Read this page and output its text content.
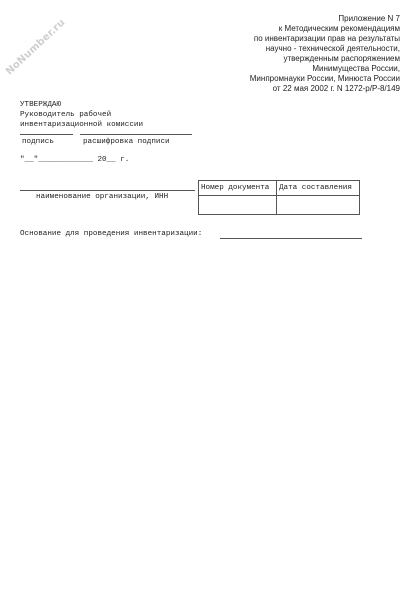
NoNumber.ru	Приложение N 7
к Методическим рекомендациям
по инвентаризации прав на результаты
научно - технической деятельности,
утвержденным распоряжением
Минимущества России,
Минпромнауки России, Минюста России
от 22 мая 2002 г. N 1272-р/Р-8/149
УТВЕРЖДАЮ
Руководитель рабочей
инвентаризационной комиссии
подпись	расшифровка подписи
"__"____________ 20__ г.
наименование организации, ИНН
Номер документа	Дата составления

Основание для проведения инвентаризации:
